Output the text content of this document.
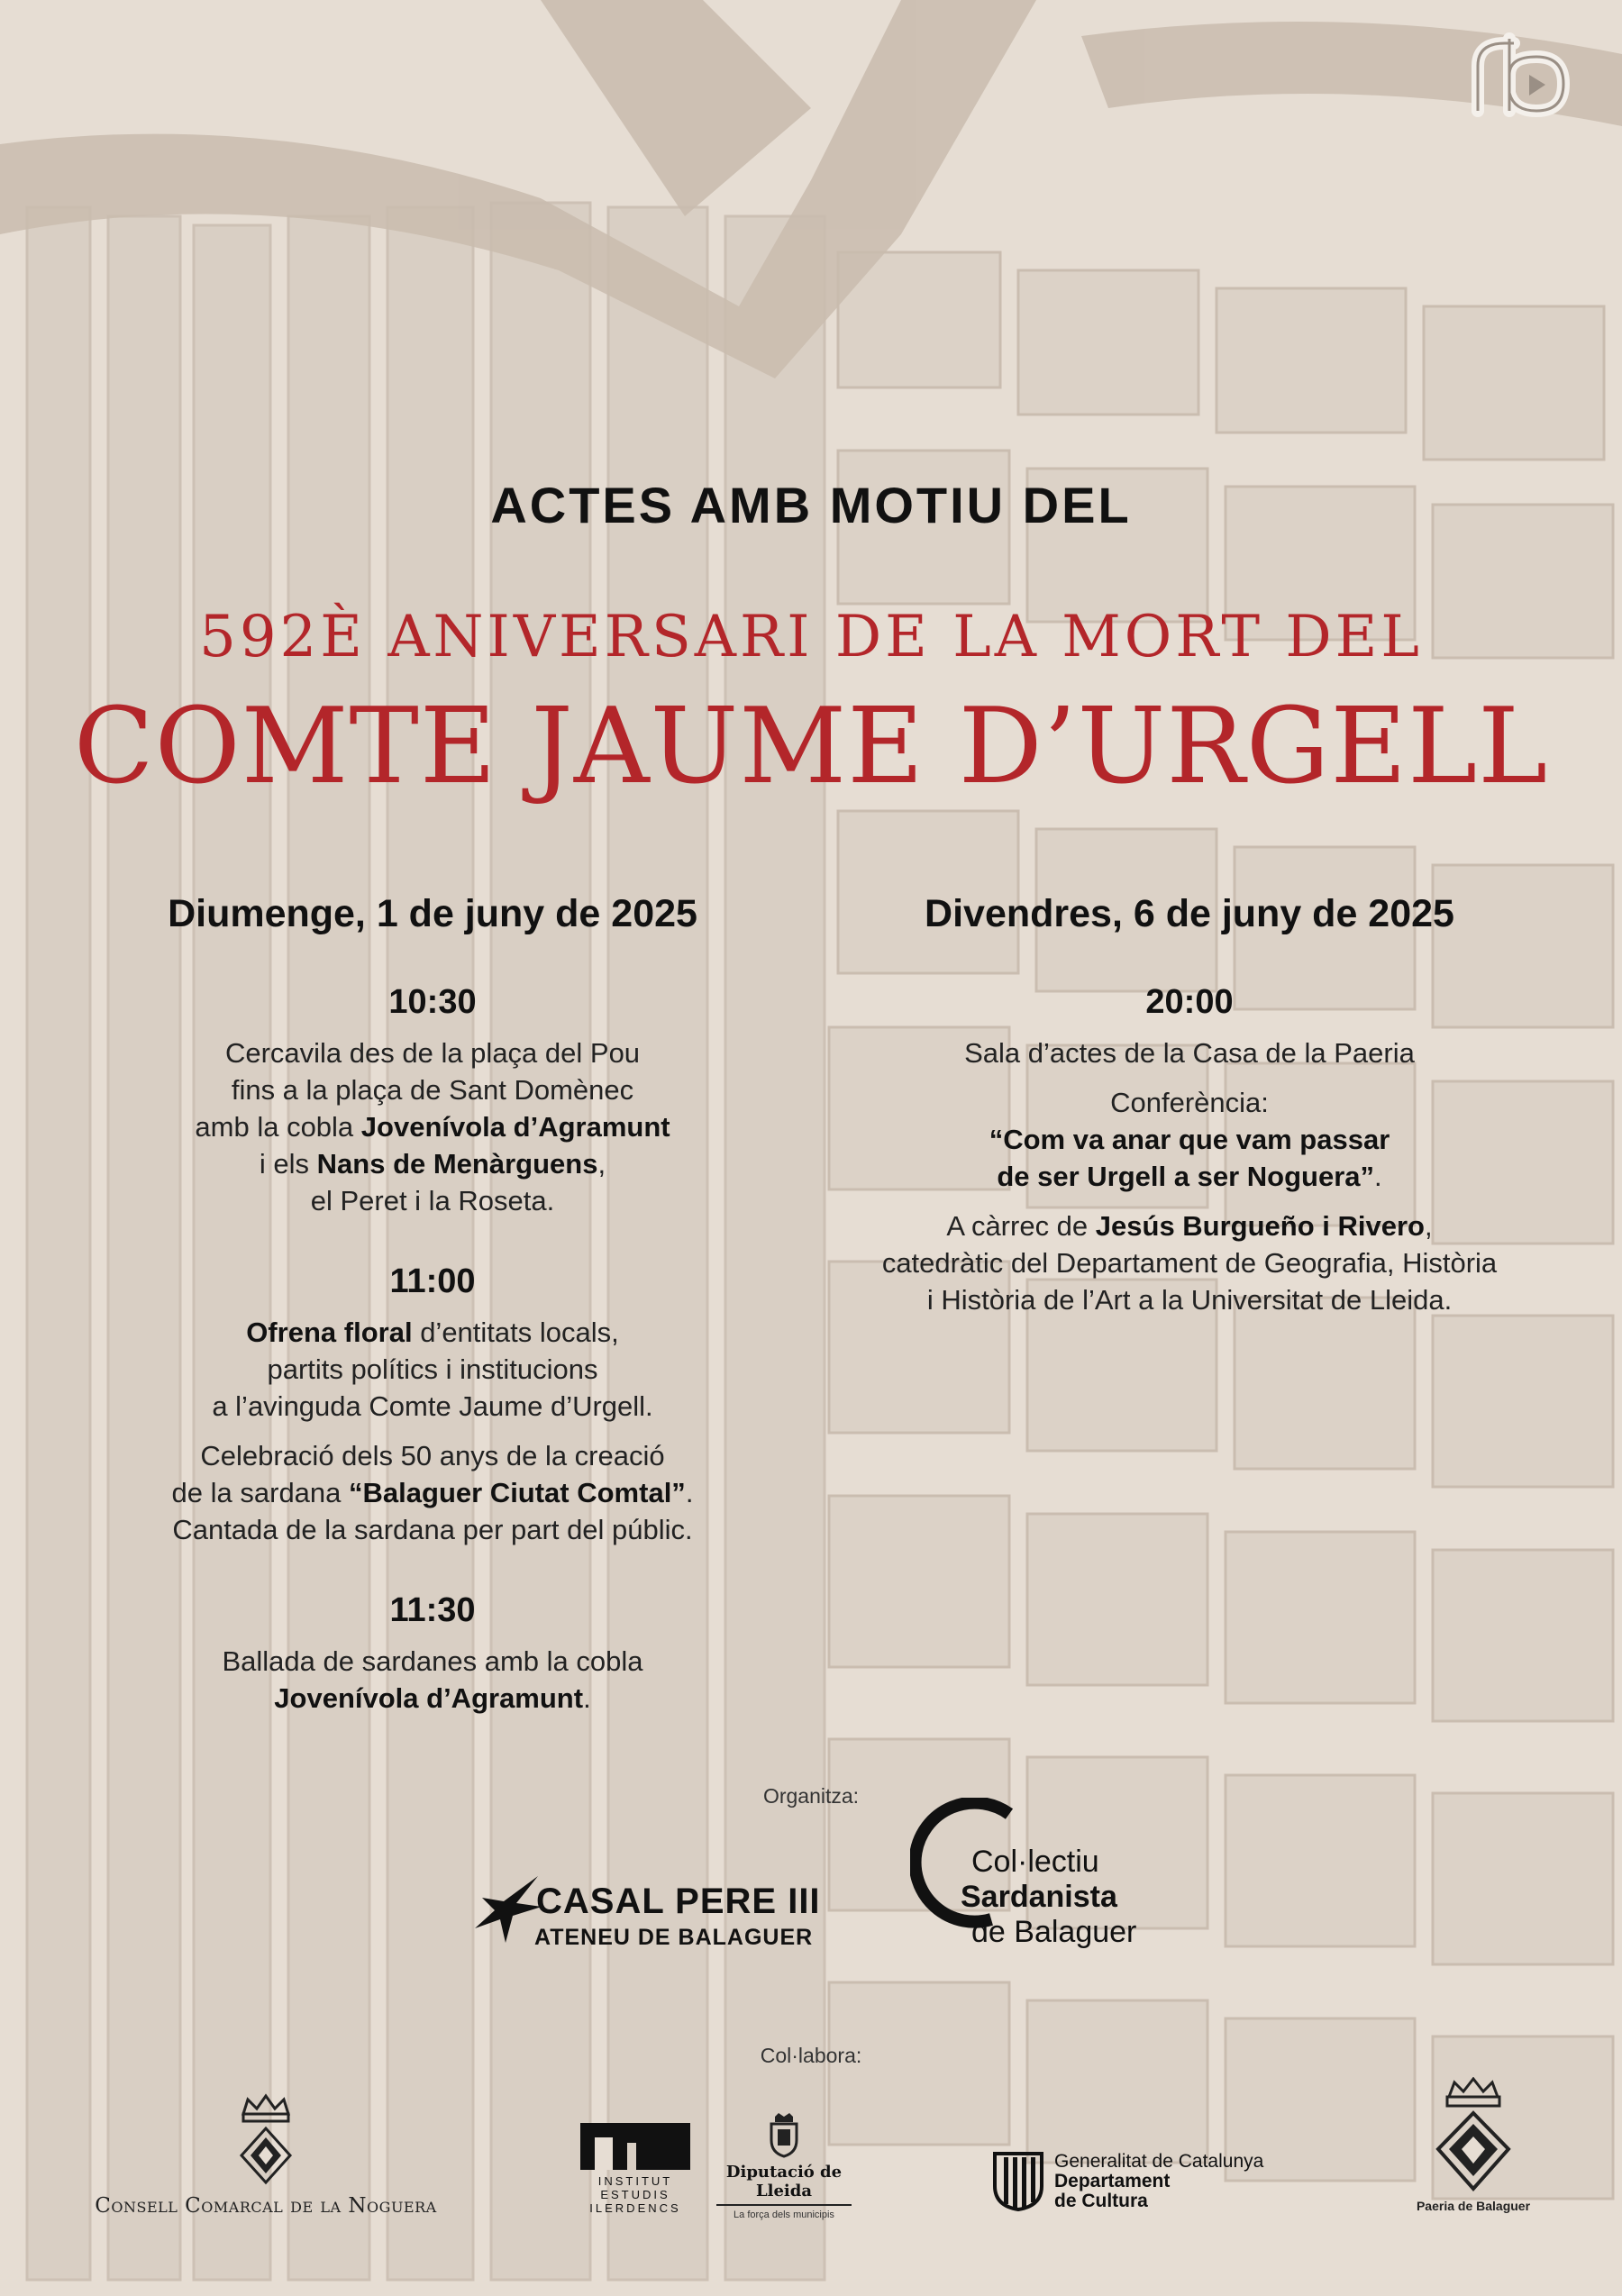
ACTES AMB MOTIU DEL
592È ANIVERSARI DE LA MORT DEL
COMTE JAUME D’URGELL
Diumenge, 1 de juny de 2025
10:30
Cercavila des de la plaça del Pou
fins a la plaça de Sant Domènec
amb la cobla Jovenívola d’Agramunt
i els Nans de Menàrguens,
el Peret i la Roseta.
11:00
Ofrena floral d’entitats locals,
partits polítics i institucions
a l’avinguda Comte Jaume d’Urgell.
Celebració dels 50 anys de la creació
de la sardana “Balaguer Ciutat Comtal”.
Cantada de la sardana per part del públic.
11:30
Ballada de sardanes amb la cobla
Jovenívola d’Agramunt.
Divendres, 6 de juny de 2025
20:00
Sala d’actes de la Casa de la Paeria
Conferència:
“Com va anar que vam passar
de ser Urgell a ser Noguera”.
A càrrec de Jesús Burgueño i Rivero,
catedràtic del Departament de Geografia, Història
i Història de l’Art a la Universitat de Lleida.
Organitza:
CASAL PERE III
ATENEU DE BALAGUER
Col·lectiu
Sardanista
de Balaguer
Col·labora:
Consell Comarcal de la Noguera
INSTITUT
ESTUDIS
ILERDENCS
Diputació de Lleida
La força dels municipis
Generalitat de Catalunya
Departament
de Cultura	Paeria de Balaguer
